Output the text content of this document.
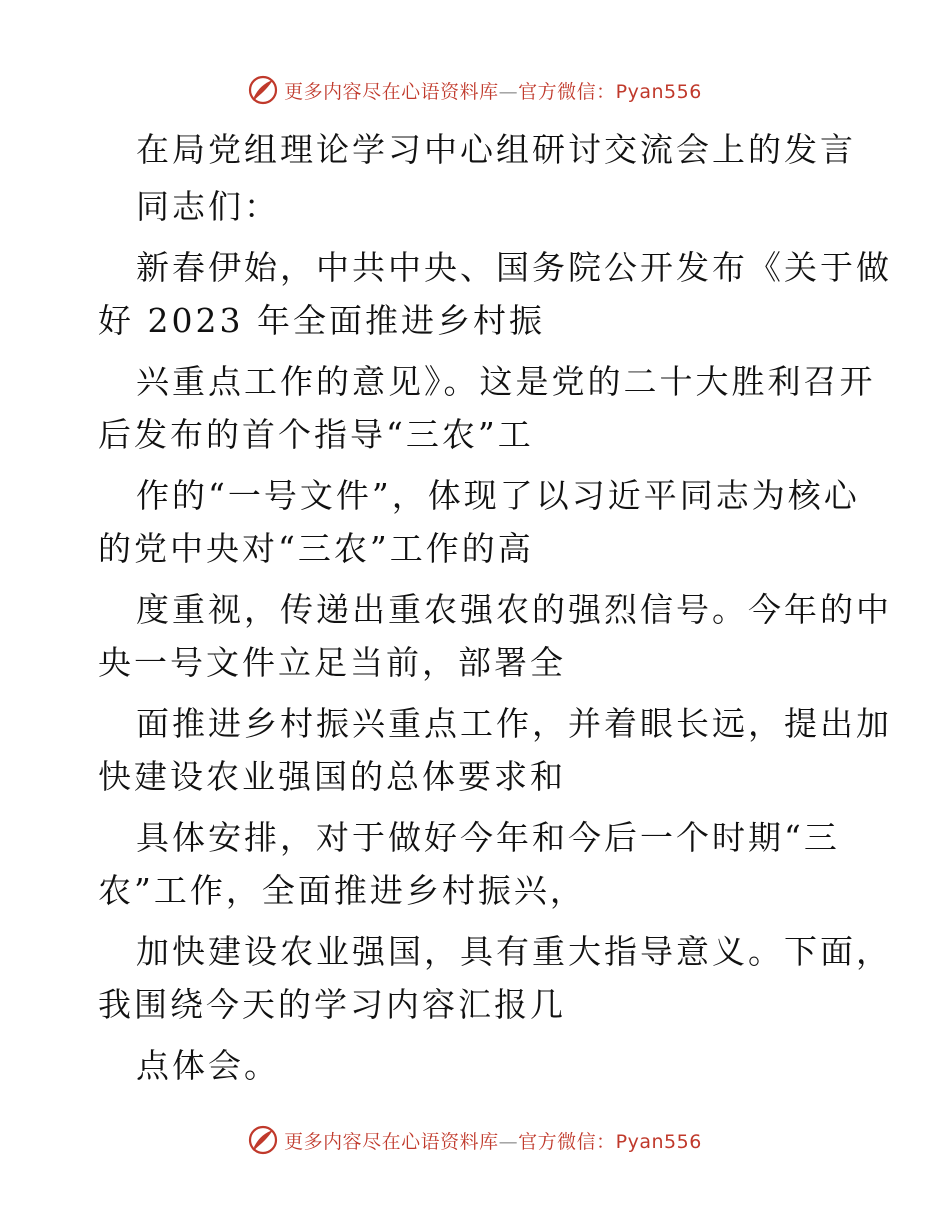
更多内容尽在心语资料库—官方微信：Pyan556
在局党组理论学习中心组研讨交流会上的发言
同志们：
新春伊始，中共中央、国务院公开发布《关于做
好 2023 年全面推进乡村振
兴重点工作的意见》。这是党的二十大胜利召开
后发布的首个指导“三农”工
作的“一号文件”，体现了以习近平同志为核心
的党中央对“三农”工作的高
度重视，传递出重农强农的强烈信号。今年的中
央一号文件立足当前，部署全
面推进乡村振兴重点工作，并着眼长远，提出加
快建设农业强国的总体要求和
具体安排，对于做好今年和今后一个时期“三
农”工作，全面推进乡村振兴，
加快建设农业强国，具有重大指导意义。下面，
我围绕今天的学习内容汇报几
点体会。
更多内容尽在心语资料库—官方微信：Pyan556
